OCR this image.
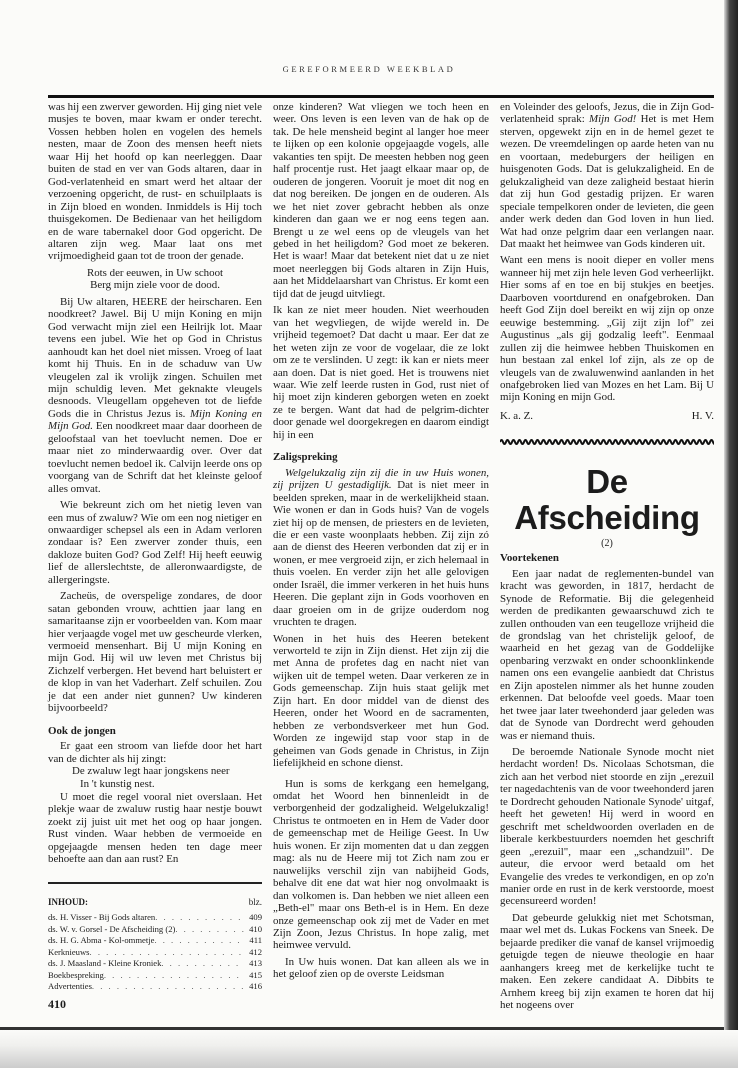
GEREFORMEERD WEEKBLAD

was hij een zwerver geworden. Hij ging niet vele musjes te boven, maar kwam er onder terecht. Vossen hebben holen en vogelen des hemels nesten, maar de Zoon des mensen heeft niets waar Hij het hoofd op kan neerleggen. Daar buiten de stad en ver van Gods altaren, daar in God-verlatenheid en smart werd het altaar der verzoening opgericht, de rust- en schuilplaats is in Zijn bloed en wonden. Inmiddels is Hij toch thuisgekomen. De Bedienaar van het heiligdom en de ware tabernakel door God opgericht. De altaren zijn weg. Maar laat ons met vrijmoedigheid gaan tot de troon der genade.

Rots der eeuwen, in Uw schoot
Berg mijn ziele voor de dood.

Bij Uw altaren, HEERE der heirscharen. Een noodkreet? Jawel. Bij U mijn Koning en mijn God verwacht mijn ziel een Heilrijk lot. Maar tevens een jubel. Wie het op God in Christus aanhoudt kan het doel niet missen. Vroeg of laat komt hij Thuis. En in de schaduw van Uw vleugelen zal ik vrolijk zingen. Schuilen met mijn schuldig leven. Met geknakte vleugels desnoods. Vleugellam opgeheven tot de liefde Gods die in Christus Jezus is. Mijn Koning en Mijn God. Een noodkreet maar daar doorheen de geloofstaal van het toevlucht nemen. Doe er maar niet zo minderwaardig over. Over dat toevlucht nemen bedoel ik. Calvijn leerde ons op voorgang van de Schrift dat het kleinste geloof alles omvat.

Wie bekreunt zich om het nietig leven van een mus of zwaluw? Wie om een nog nietiger en onwaardiger schepsel als een in Adam verloren zondaar is? Een zwerver zonder thuis, een dakloze buiten God? God Zelf! Hij heeft eeuwig lief de allerslechtste, de alleronwaardigste, de allergeringste.

Zacheüs, de overspelige zondares, de door satan gebonden vrouw, achttien jaar lang en samaritaanse zijn er voorbeelden van. Kom maar hier verjaagde vogel met uw gescheurde vlerken, vermoeid mensenhart. Bij U mijn Koning en mijn God. Hij wil uw leven met Christus bij Zichzelf verbergen. Het bevend hart beluistert er de klop in van het Vaderhart. Zelf schuilen. Zou je dat een ander niet gunnen? Uw kinderen bijvoorbeeld?

Ook de jongen

Er gaat een stroom van liefde door het hart van de dichter als hij zingt:

De zwaluw legt haar jongskens neer
In 't kunstig nest.

U moet die regel vooral niet overslaan. Het plekje waar de zwaluw rustig haar nestje bouwt zoekt zij juist uit met het oog op haar jongen. Rust vinden. Waar hebben de vermoeide en opgejaagde mensen heden ten dage meer behoefte aan dan aan rust? En

INHOUD:	blz.
ds. H. Visser - Bij Gods altaren . . .	409
ds. W. v. Gorsel - De Afscheiding (2) . . .	410
ds. H. G. Abma - Kol-ommetje . . .	411
Kerknieuws . . .	412
ds. J. Maasland - Kleine Kroniek . . .	413
Boekbespreking . . .	415
Advertenties . . .	416

onze kinderen? Wat vliegen we toch heen en weer. Ons leven is een leven van de hak op de tak. De hele mensheid begint al langer hoe meer te lijken op een kolonie opgejaagde vogels, alle vakanties ten spijt. De meesten hebben nog geen half procentje rust. Het jaagt elkaar maar op, de ouderen de jongeren. Vooruit je moet dit nog en dat nog bereiken. De jongen en de ouderen. Als we het niet zover gebracht hebben als onze kinderen dan gaan we er nog eens tegen aan. Brengt u ze wel eens op de vleugels van het gebed in het heiligdom? God moet ze bekeren. Het is waar! Maar dat betekent niet dat u ze niet moet neerleggen bij Gods altaren in Zijn Huis, aan het Middelaarshart van Christus. Er komt een tijd dat de jeugd uitvliegt.

Ik kan ze niet meer houden. Niet weerhouden van het wegvliegen, de wijde wereld in. De vrijheid tegemoet? Dat dacht u maar. Eer dat ze het weten zijn ze voor de vogelaar, die ze lokt om ze te verslinden. U zegt: ik kan er niets meer aan doen. Dat is niet goed. Het is trouwens niet waar. Wie zelf leerde rusten in God, rust niet of hij moet zijn kinderen geborgen weten en zoekt ze te bergen. Want dat had de pelgrim-dichter door genade wel doorgekregen en daarom eindigt hij in een

Zaligspreking

Welgelukzalig zijn zij die in uw Huis wonen, zij prijzen U gestadiglijk. Dat is niet meer in beelden spreken, maar in de werkelijkheid staan. Wie wonen er dan in Gods huis? Van de vogels ziet hij op de mensen, de priesters en de levieten, die er een vaste woonplaats hebben. Zij zijn zó aan de dienst des Heeren verbonden dat zij er in wonen, er mee vergroeid zijn, er zich helemaal in thuis voelen. En verder zijn het alle gelovigen onder Israël, die immer verkeren in het huis huns Heeren. Die geplant zijn in Gods voorhoven en daar groeien om in de grijze ouderdom nog vruchten te dragen.

Wonen in het huis des Heeren betekent verworteld te zijn in Zijn dienst. Het zijn zij die met Anna de profetes dag en nacht niet van wijken uit de tempel weten. Daar verkeren ze in Gods gemeenschap. Zijn huis staat gelijk met Zijn hart. En door middel van de dienst des Heeren, onder het Woord en de sacramenten, hebben ze verbondsverkeer met hun God. Worden ze ingewijd stap voor stap in de geheimen van Gods genade in Christus, in Zijn liefelijkheid en schone dienst.

Hun is soms de kerkgang een hemelgang, omdat het Woord hen binnenleidt in de verborgenheid der godzaligheid. Welgelukzalig! Christus te ontmoeten en in Hem de Vader door de gemeenschap met de Heilige Geest. In Uw huis wonen. Er zijn momenten dat u dan zeggen mag: als nu de Heere mij tot Zich nam zou er nauwelijks verschil zijn van nabijheid Gods, behalve dit ene dat wat hier nog onvolmaakt is dan volkomen is. Dan hebben we niet alleen een „Beth-el" maar ons Beth-el is in Hem. En deze onze gemeenschap ook zij met de Vader en met Zijn Zoon, Jezus Christus. In hope zalig, met heimwee vervuld.

In Uw huis wonen. Dat kan alleen als we in het geloof zien op de overste Leidsman

en Voleinder des geloofs, Jezus, die in Zijn God-verlatenheid sprak: Mijn God! Het is met Hem sterven, opgewekt zijn en in de hemel gezet te wezen. De vreemdelingen op aarde heten van nu en voortaan, medeburgers der heiligen en huisgenoten Gods. Dat is gelukzaligheid. En de gelukzaligheid van deze zaligheid bestaat hierin dat zij hun God gestadig prijzen. Er waren speciale tempelkoren onder de levieten, die geen ander werk deden dan God loven in hun lied. Wat had onze pelgrim daar een verlangen naar. Dat maakt het heimwee van Gods kinderen uit.

Want een mens is nooit dieper en voller mens wanneer hij met zijn hele leven God verheerlijkt. Hier soms af en toe en bij stukjes en beetjes. Daarboven voortdurend en onafgebroken. Dan heeft God Zijn doel bereikt en wij zijn op onze eeuwige bestemming. „Gij zijt zijn lof" zei Augustinus „als gij godzalig leeft". Eenmaal zullen zij die heimwee hebben Thuiskomen en hun bestaan zal enkel lof zijn, als ze op de vleugels van de zwaluwenwind aanlanden in het onafgebroken lied van Mozes en het Lam. Bij U mijn Koning en mijn God.

K. a. Z.	H. V.
De Afscheiding
(2)
Voortekenen

Een jaar nadat de reglementen-bundel van kracht was geworden, in 1817, herdacht de Synode de Reformatie. Bij die gelegenheid werden de predikanten gewaarschuwd zich te zullen onthouden van een teugelloze vrijheid die de grondslag van het christelijk geloof, de waarheid en het gezag van de Goddelijke openbaring verzwakt en onder schoonklinkende namen ons een evangelie aanbiedt dat Christus en Zijn apostelen nimmer als het hunne zouden erkennen. Dat beloofde veel goeds. Maar toen het twee jaar later tweehonderd jaar geleden was dat de Synode van Dordrecht werd gehouden was er niemand thuis.

De beroemde Nationale Synode mocht niet herdacht worden! Ds. Nicolaas Schotsman, die zich aan het verbod niet stoorde en zijn „erezuil ter nagedachtenis van de voor tweehonderd jaren te Dordrecht gehouden Nationale Synode' uitgaf, heeft het geweten! Hij werd in woord en geschrift met scheldwoorden overladen en de liberale kerkbestuurders noemden het geschrift geen „erezuil", maar een „schandzuil". De auteur, die ervoor werd betaald om het Evangelie des vredes te verkondigen, en op zo'n manier orde en rust in de kerk verstoorde, moest gecensureerd worden!

Dat gebeurde gelukkig niet met Schotsman, maar wel met ds. Lukas Fockens van Sneek. De bejaarde prediker die vanaf de kansel vrijmoedig getuigde tegen de nieuwe theologie en haar aanhangers kreeg met de kerkelijke tucht te maken. Een zekere candidaat A. Dibbits te Arnhem kreeg bij zijn examen te horen dat hij het nogeens over

410
